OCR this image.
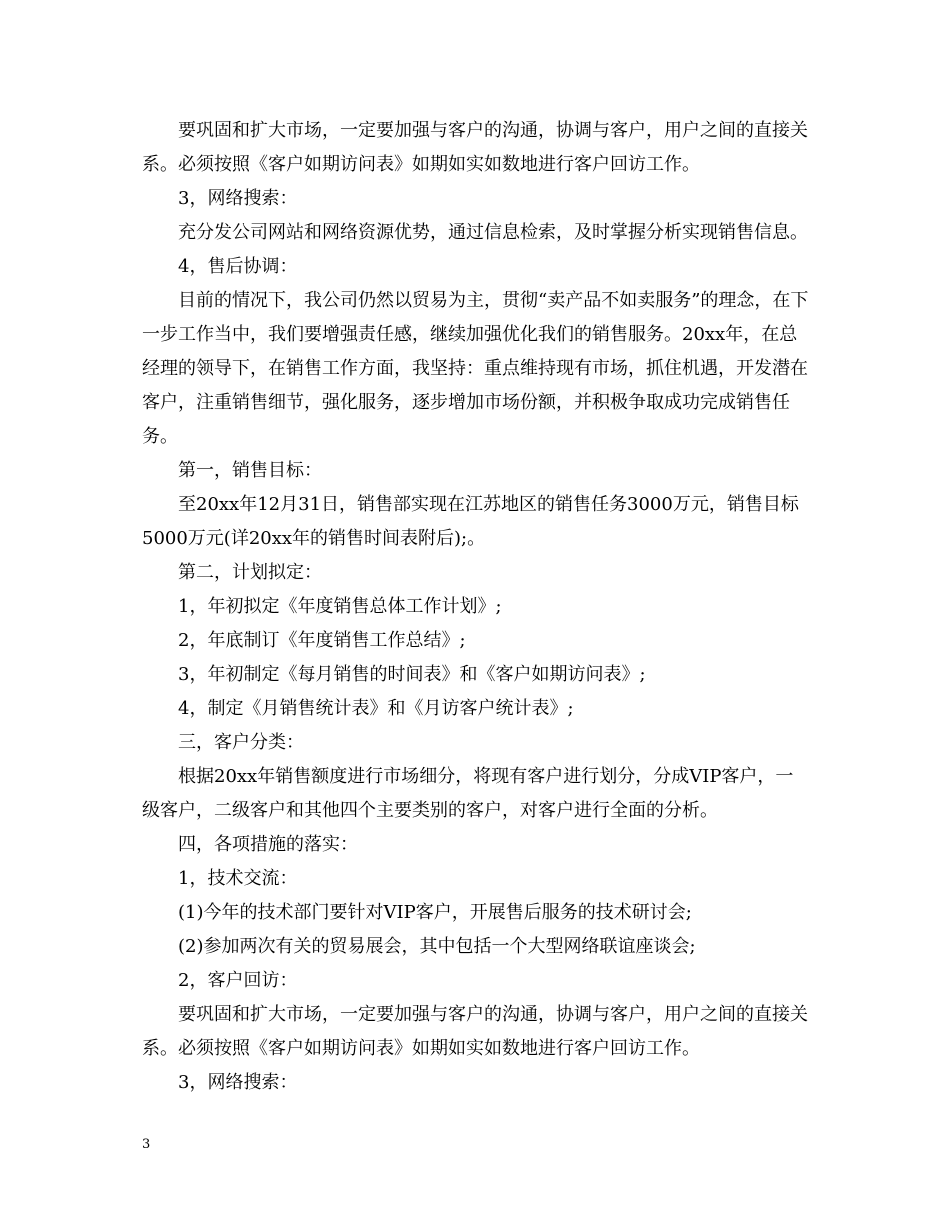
要巩固和扩大市场，一定要加强与客户的沟通，协调与客户，用户之间的直接关系。必须按照《客户如期访问表》如期如实如数地进行客户回访工作。

3，网络搜索：

充分发公司网站和网络资源优势，通过信息检索，及时掌握分析实现销售信息。

4，售后协调：

目前的情况下，我公司仍然以贸易为主，贯彻“卖产品不如卖服务”的理念，在下一步工作当中，我们要增强责任感，继续加强优化我们的销售服务。20xx年，在总经理的领导下，在销售工作方面，我坚持：重点维持现有市场，抓住机遇，开发潜在客户，注重销售细节，强化服务，逐步增加市场份额，并积极争取成功完成销售任务。

第一，销售目标：

至20xx年12月31日，销售部实现在江苏地区的销售任务3000万元，销售目标5000万元(详20xx年的销售时间表附后);。

第二，计划拟定：

1，年初拟定《年度销售总体工作计划》;

2，年底制订《年度销售工作总结》;

3，年初制定《每月销售的时间表》和《客户如期访问表》;

4，制定《月销售统计表》和《月访客户统计表》;

三，客户分类：

根据20xx年销售额度进行市场细分，将现有客户进行划分，分成VIP客户，一级客户，二级客户和其他四个主要类别的客户，对客户进行全面的分析。

四，各项措施的落实：

1，技术交流：

(1)今年的技术部门要针对VIP客户，开展售后服务的技术研讨会;

(2)参加两次有关的贸易展会，其中包括一个大型网络联谊座谈会;

2，客户回访：

要巩固和扩大市场，一定要加强与客户的沟通，协调与客户，用户之间的直接关系。必须按照《客户如期访问表》如期如实如数地进行客户回访工作。

3，网络搜索：

3
